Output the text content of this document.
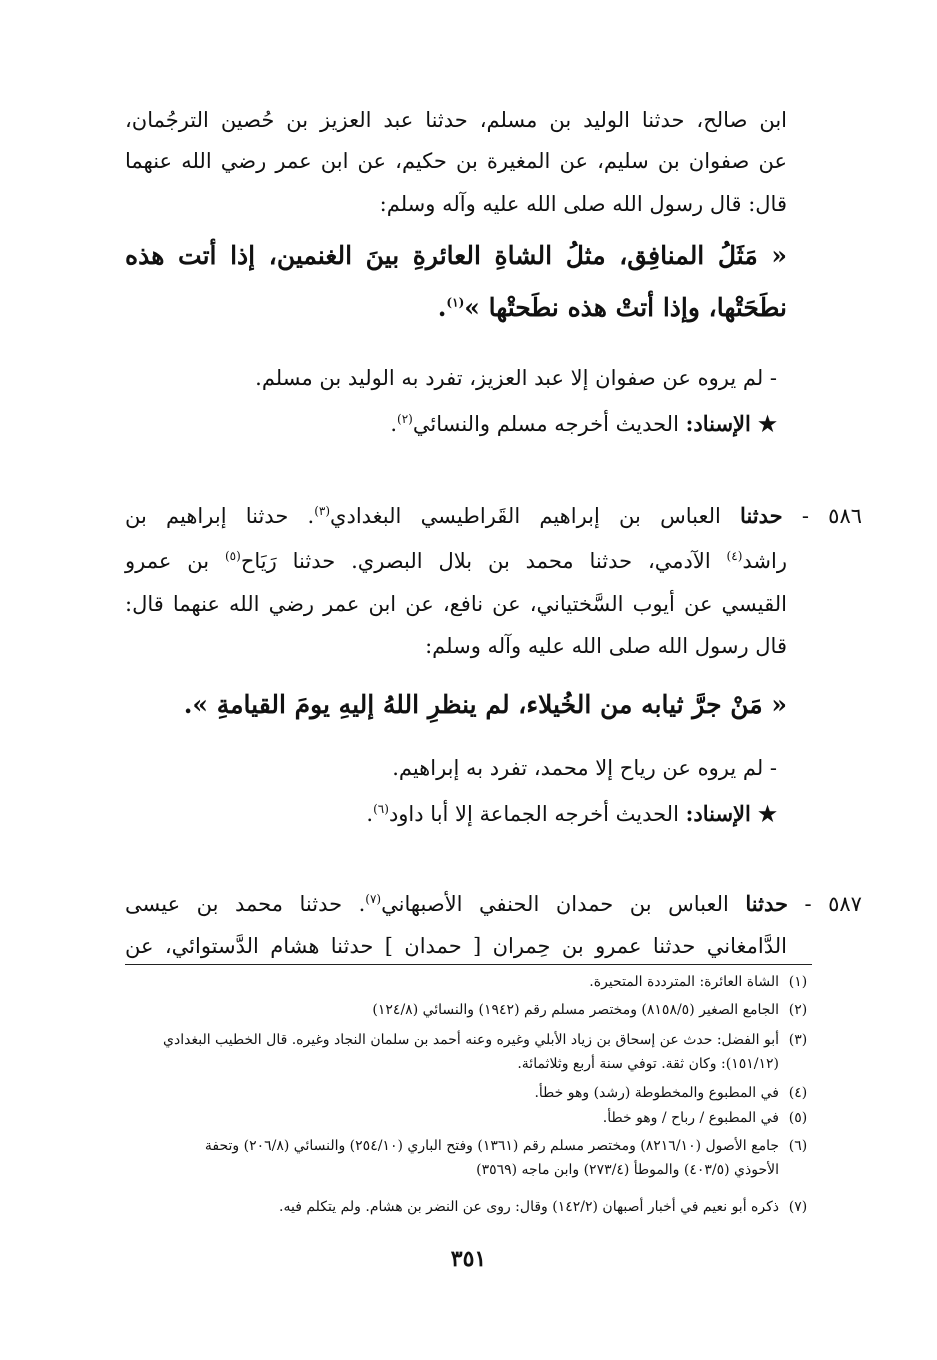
ابن صالح، حدثنا الوليد بن مسلم، حدثنا عبد العزيز بن حُصين الترجُمان،
عن صفوان بن سليم، عن المغيرة بن حكيم، عن ابن عمر رضي الله عنهما
قال: قال رسول الله صلى الله عليه وآله وسلم:
« مَثَلُ المنافِق، مثلُ الشاةِ العائرةِ بينَ الغنمين، إذا أتت هذه
نطَحَتْها، وإذا أتتْ هذه نطَحتْها »$^{(١)}$.
- لم يروه عن صفوان إلا عبد العزيز، تفرد به الوليد بن مسلم.
★ الإسناد: الحديث أخرجه مسلم والنسائي$^{(٢)}$.
٥٨٦ - حدثنا العباس بن إبراهيم القَراطيسي البغدادي$^{(٣)}$. حدثنا إبراهيم بن
راشد$^{(٤)}$ الآدمي، حدثنا محمد بن بلال البصري. حدثنا رَيَاح$^{(٥)}$ بن عمرو
القيسي عن أيوب السَّختياني، عن نافع، عن ابن عمر رضي الله عنهما قال:
قال رسول الله صلى الله عليه وآله وسلم:
« مَنْ جرَّ ثيابه من الخُيلاء، لم ينظرِ اللهُ إليهِ يومَ القيامةِ ».
- لم يروه عن رياح إلا محمد، تفرد به إبراهيم.
★ الإسناد: الحديث أخرجه الجماعة إلا أبا داود$^{(٦)}$.
٥٨٧ - حدثنا العباس بن حمدان الحنفي الأصبهاني$^{(٧)}$. حدثنا محمد بن عيسى
الدَّامغاني حدثنا عمرو بن حِمران [ حمدان ] حدثنا هشام الدَّستوائي، عن
(١)
الشاة العائرة: المترددة المتحيرة.
(٢)
الجامع الصغير (٨١٥٨/٥) ومختصر مسلم رقم (١٩٤٢) والنسائي (١٢٤/٨)
(٣)
أبو الفضل: حدث عن إسحاق بن زياد الأبلي وغيره وعنه أحمد بن سلمان النجاد وغيره. قال الخطيب البغدادي
(١٥١/١٢): وكان ثقة. توفي سنة أربع وثلاثمائة.
(٤)
في المطبوع والمخطوطة (رشد) وهو خطأ.
(٥)
في المطبوع / رباح / وهو خطأ.
(٦)
جامع الأصول (٨٢١٦/١٠) ومختصر مسلم رقم (١٣٦١) وفتح الباري (٢٥٤/١٠) والنسائي (٢٠٦/٨) وتحفة
الأحوذي (٤٠٣/٥) والموطأ (٢٧٣/٤) وابن ماجه (٣٥٦٩)
(٧)
ذكره أبو نعيم في أخبار أصبهان (١٤٢/٢) وقال: روى عن النضر بن هشام. ولم يتكلم فيه.
٣٥١
